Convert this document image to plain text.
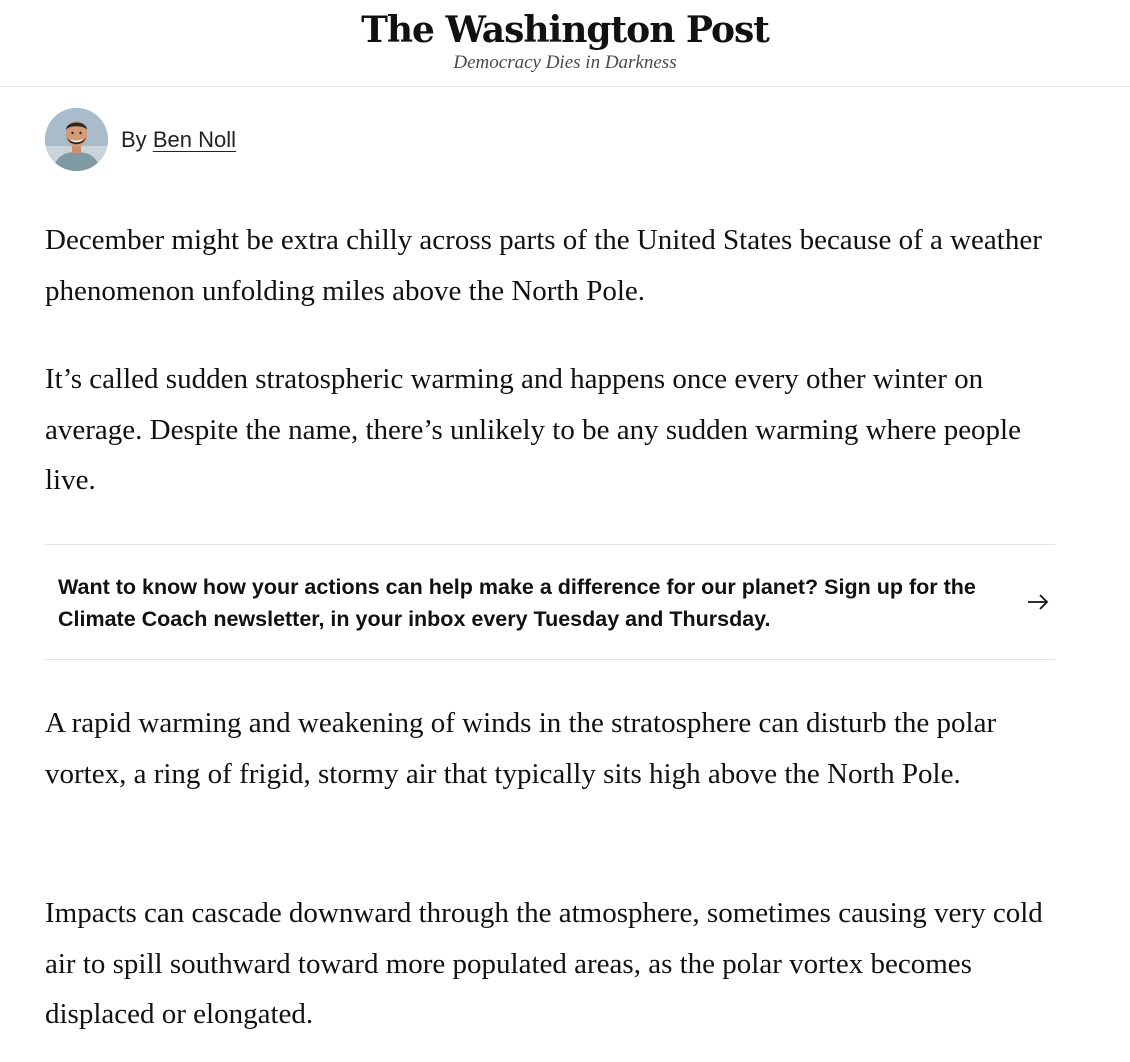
The Washington Post
Democracy Dies in Darkness
By Ben Noll

December might be extra chilly across parts of the United States because of a weather phenomenon unfolding miles above the North Pole.

It’s called sudden stratospheric warming and happens once every other winter on average. Despite the name, there’s unlikely to be any sudden warming where people live.

Want to know how your actions can help make a difference for our planet? Sign up for the Climate Coach newsletter, in your inbox every Tuesday and Thursday.

A rapid warming and weakening of winds in the stratosphere can disturb the polar vortex, a ring of frigid, stormy air that typically sits high above the North Pole.

Impacts can cascade downward through the atmosphere, sometimes causing very cold air to spill southward toward more populated areas, as the polar vortex becomes displaced or elongated.
